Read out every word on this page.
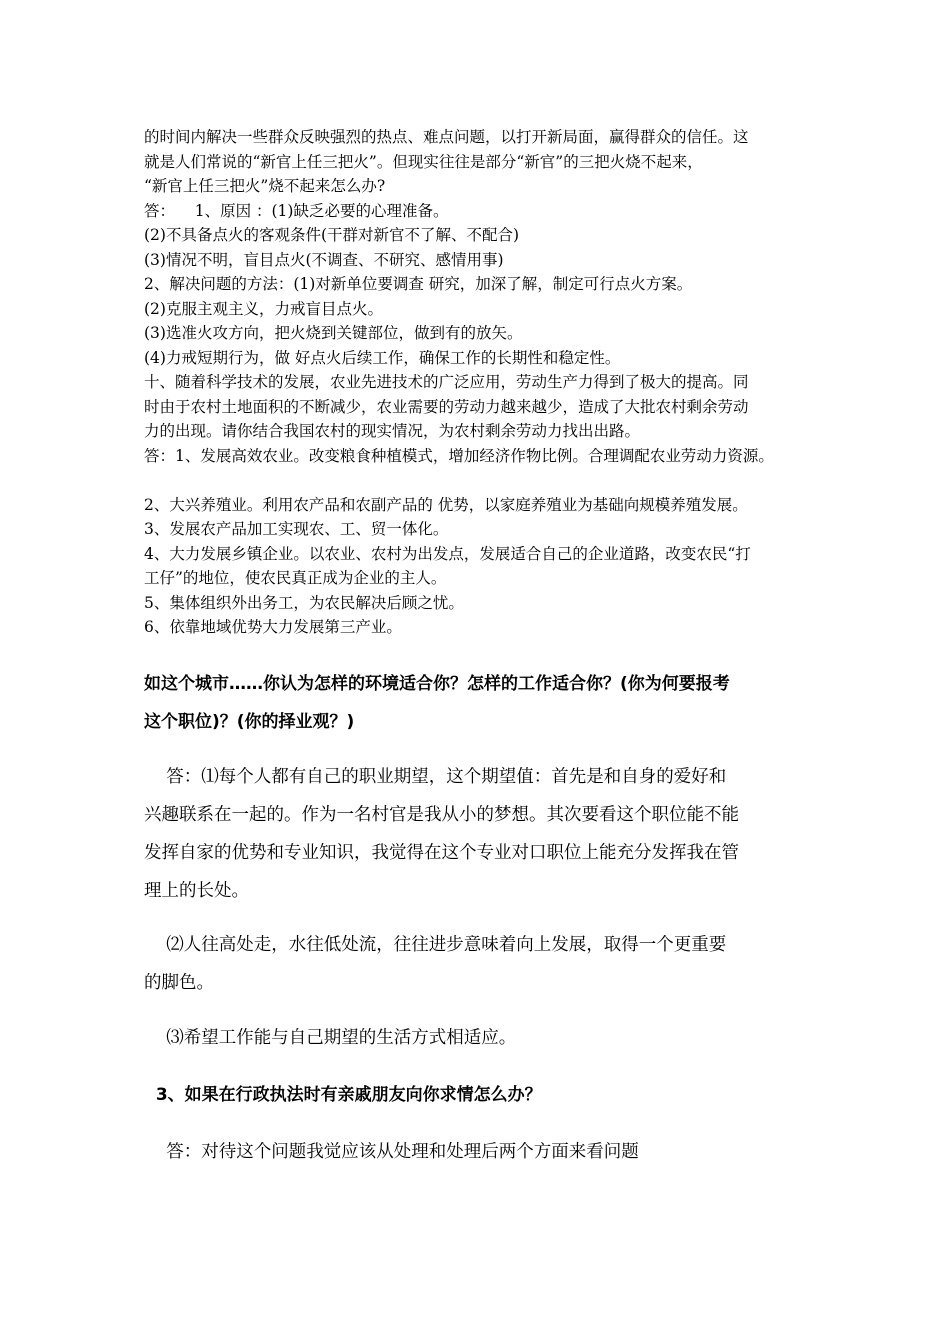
的时间内解决一些群众反映强烈的热点、难点问题，以打开新局面，赢得群众的信任。这
就是人们常说的“新官上任三把火”。但现实往往是部分“新官”的三把火烧不起来，
“新官上任三把火”烧不起来怎么办?
答：    1、原因 ：(1)缺乏必要的心理准备。
(2)不具备点火的客观条件(干群对新官不了解、不配合)
(3)情况不明，盲目点火(不调查、不研究、感情用事)
2、解决问题的方法：(1)对新单位要调查 研究，加深了解，制定可行点火方案。
(2)克服主观主义，力戒盲目点火。
(3)选准火攻方向，把火烧到关键部位，做到有的放矢。
(4)力戒短期行为，做 好点火后续工作，确保工作的长期性和稳定性。
十、随着科学技术的发展，农业先进技术的广泛应用，劳动生产力得到了极大的提高。同
时由于农村土地面积的不断减少，农业需要的劳动力越来越少，造成了大批农村剩余劳动
力的出现。请你结合我国农村的现实情况，为农村剩余劳动力找出出路。
答：1、发展高效农业。改变粮食种植模式，增加经济作物比例。合理调配农业劳动力资源。
2、大兴养殖业。利用农产品和农副产品的 优势，以家庭养殖业为基础向规模养殖发展。
3、发展农产品加工实现农、工、贸一体化。
4、大力发展乡镇企业。以农业、农村为出发点，发展适合自己的企业道路，改变农民“打
工仔”的地位，使农民真正成为企业的主人。
5、集体组织外出务工，为农民解决后顾之忧。
6、依靠地域优势大力发展第三产业。
如这个城市……你认为怎样的环境适合你？怎样的工作适合你？(你为何要报考
这个职位)？(你的择业观？)
答：⑴每个人都有自己的职业期望，这个期望值：首先是和自身的爱好和
兴趣联系在一起的。作为一名村官是我从小的梦想。其次要看这个职位能不能
发挥自家的优势和专业知识，我觉得在这个专业对口职位上能充分发挥我在管
理上的长处。
⑵人往高处走，水往低处流，往往进步意味着向上发展，取得一个更重要
的脚色。
⑶希望工作能与自己期望的生活方式相适应。
3、如果在行政执法时有亲戚朋友向你求情怎么办？
答：对待这个问题我觉应该从处理和处理后两个方面来看问题
